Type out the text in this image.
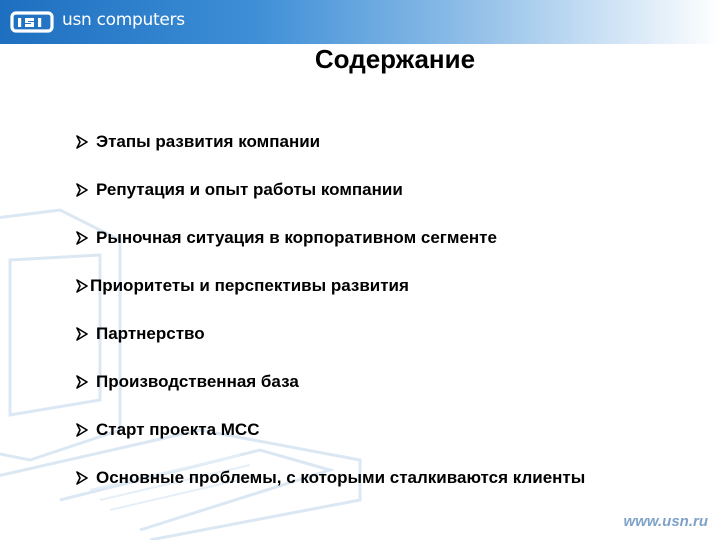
usn computers
Содержание
Этапы развития компании
Репутация и опыт работы компании
Рыночная ситуация в корпоративном сегменте
Приоритеты и перспективы развития
Партнерство
Производственная база
Старт проекта МСС
Основные проблемы, с которыми сталкиваются клиенты
www.usn.ru
